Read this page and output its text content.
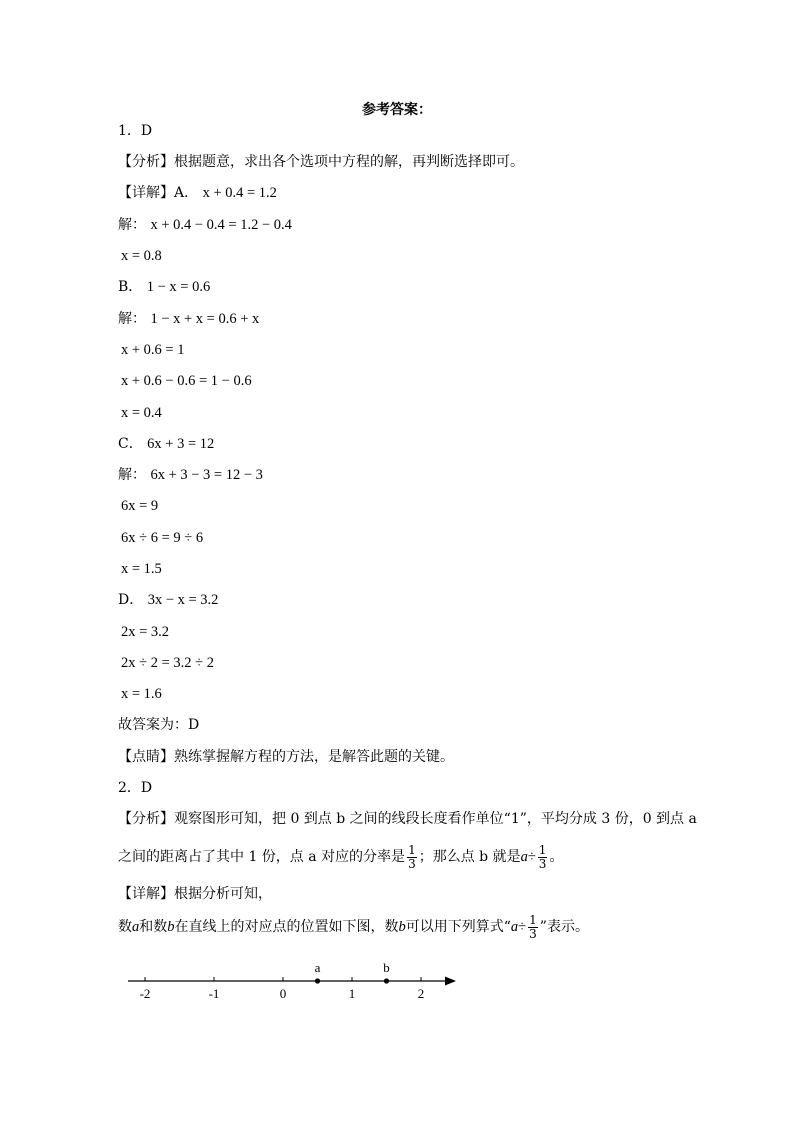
参考答案：
1．D
【分析】根据题意，求出各个选项中方程的解，再判断选择即可。
【详解】A． x + 0.4 = 1.2
解： x + 0.4 − 0.4 = 1.2 − 0.4
x = 0.8
B． 1 − x = 0.6
解： 1 − x + x = 0.6 + x
x + 0.6 = 1
x + 0.6 − 0.6 = 1 − 0.6
x = 0.4
C． 6x + 3 = 12
解： 6x + 3 − 3 = 12 − 3
6x = 9
6x ÷ 6 = 9 ÷ 6
x = 1.5
D． 3x − x = 3.2
2x = 3.2
2x ÷ 2 = 3.2 ÷ 2
x = 1.6
故答案为：D
【点睛】熟练掌握解方程的方法，是解答此题的关键。
2．D
【分析】观察图形可知，把 0 到点 b 之间的线段长度看作单位“1”，平均分成 3 份，0 到点 a
之间的距离占了其中 1 份，点 a 对应的分率是 $\frac{1}{3}$ ；那么点 b 就是$a\div \frac{1}{3}$ 。
【详解】根据分析可知，
数a和数b在直线上的对应点的位置如下图，数b可以用下列算式“$a\div \frac{1}{3}$ ”表示。
-2	-1	0	1	2
a	b
